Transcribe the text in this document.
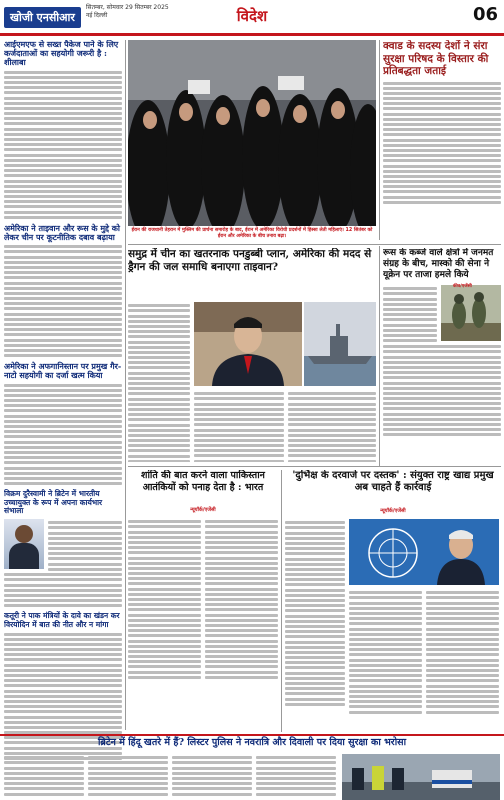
खोजी एनसीआर
सितम्बर, सोमवार 29 सितम्बर 2025
नई दिल्ली	विदेश	06
आईएमएफ से सख्त पैकेज पाने के लिए कर्जदाताओं का सहयोगी जरूरी है : शीलाबा
अमेरिका ने ताइवान और रूस के मुद्दे को लेकर चीन पर कूटनीतिक दबाव बढ़ाया
अमेरिका ने अफगानिस्तान पर प्रमुख गैर-नाटो सहयोगी का दर्जा खत्म किया
विक्रम दुरैस्वामी ने ब्रिटेन में भारतीय उच्चायुक्त के रूप में अपना कार्यभार संभाला
कतूरी ने पाक मंत्रियों के दावे का खंडन कर विरयोदिन में बात की नीत और न मांगा
ईरान की राजधानी तेहरान में मुस्लिम की प्रार्थना समारोह के बाद, ईरान में अमेरिका विरोधी प्रदर्शनों में हिस्सा लेती महिलाएं। 12 सितंबर को ईरान और अमेरिका के बीच तनाव बढ़ा।
क्वाड के सदस्य देशों ने संरा सुरक्षा परिषद के विस्तार की प्रतिबद्धता जताई
समुद्र में चीन का खतरनाक पनडुब्बी प्लान, अमेरिका की मदद से ड्रैगन की जल समाधि बनाएगा ताइवान?
रूस के कब्जे वाले क्षेत्रों में जनमत संग्रह के बीच, मास्को की सेना ने यूक्रेन पर ताजा हमले किये
कीव/एजेंसी
शांति की बात करने वाला पाकिस्तान आतंकियों को पनाह देता है : भारत
न्यूयॉर्क/एजेंसी
'दुर्भिक्ष के दरवाजे पर दस्तक' : संयुक्त राष्ट्र खाद्य प्रमुख अब चाहते हैं कार्रवाई
न्यूयॉर्क/एजेंसी
ब्रिटेन में हिंदू खतरे में हैं? लिस्टर पुलिस ने नवरात्रि और दिवाली पर दिया सुरक्षा का भरोसा
